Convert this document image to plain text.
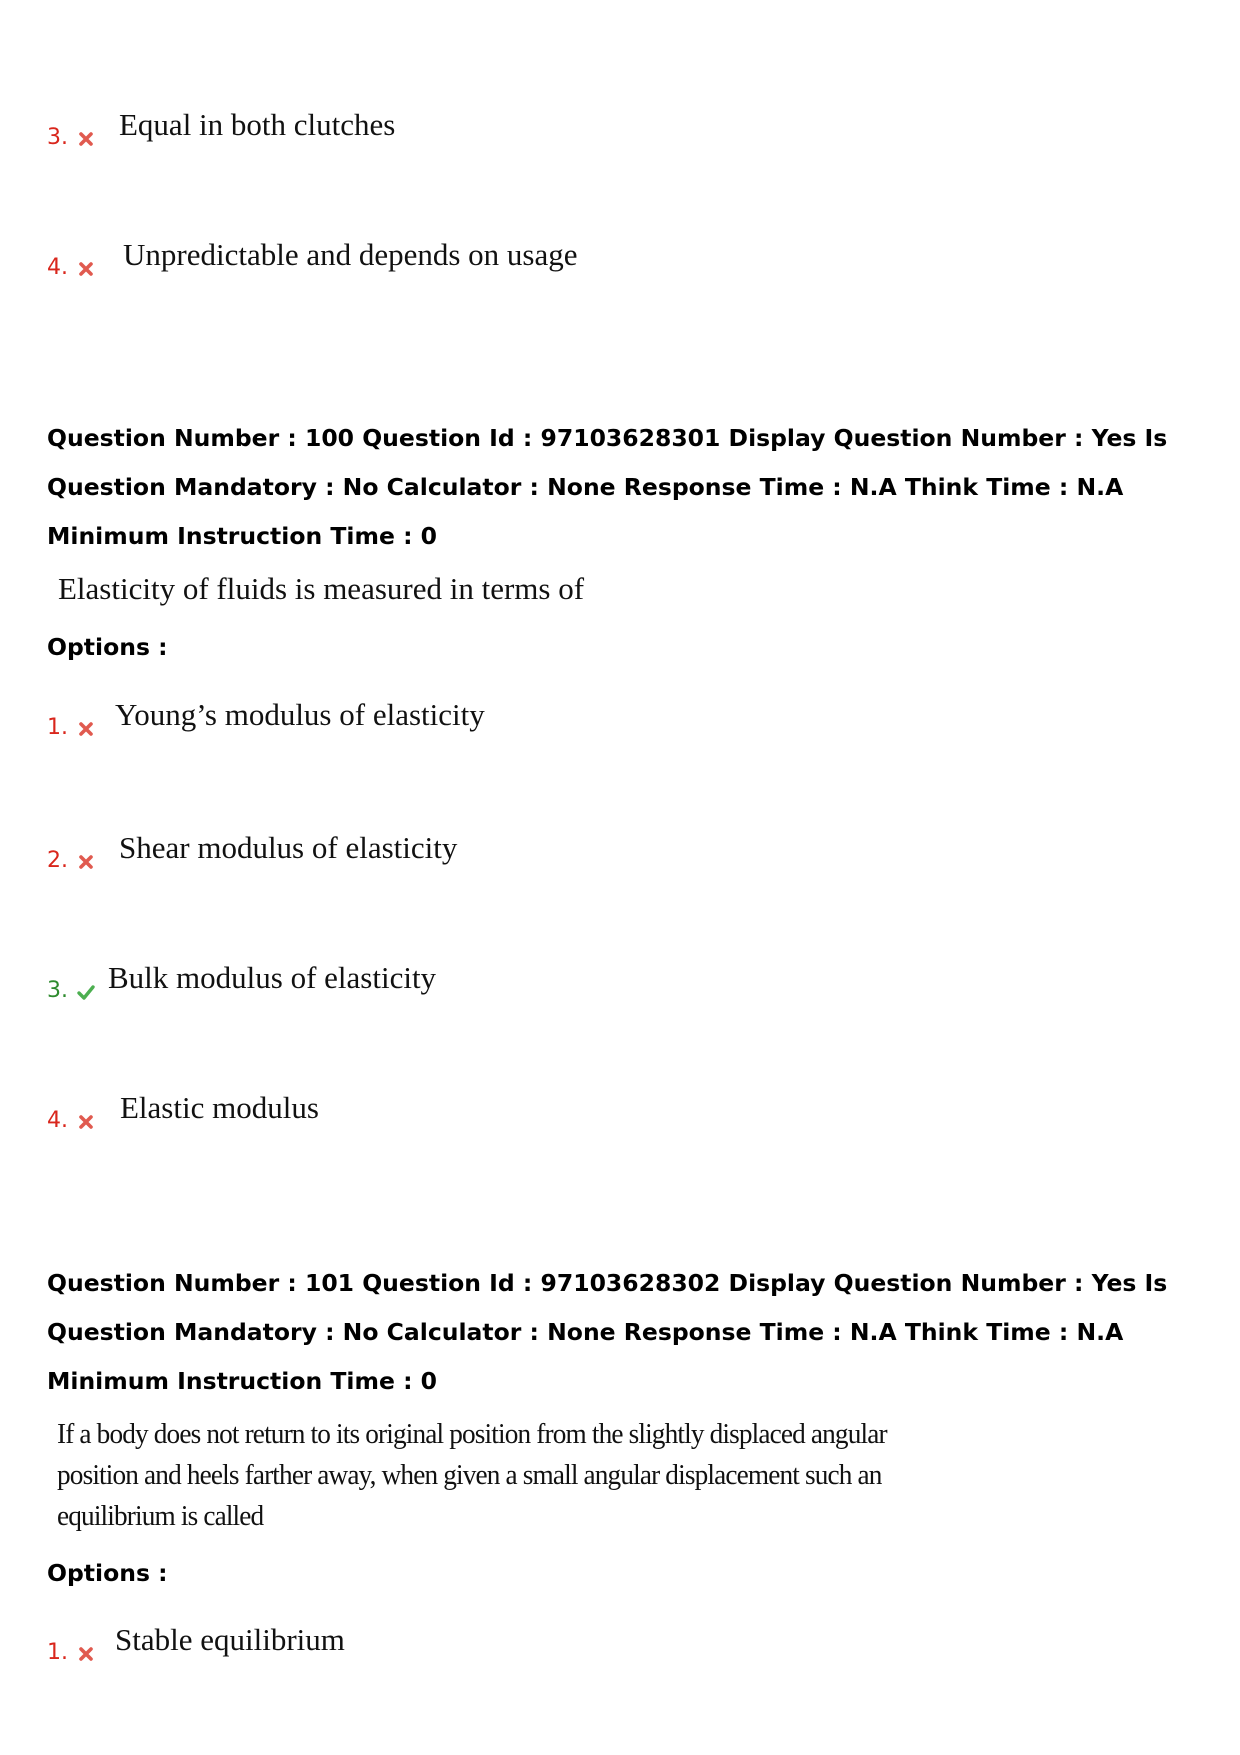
3. Equal in both clutches
4. Unpredictable and depends on usage
Question Number : 100 Question Id : 97103628301 Display Question Number : Yes Is Question Mandatory : No Calculator : None Response Time : N.A Think Time : N.A Minimum Instruction Time : 0
Elasticity of fluids is measured in terms of
Options :
1. Young’s modulus of elasticity
2. Shear modulus of elasticity
3. Bulk modulus of elasticity
4. Elastic modulus
Question Number : 101 Question Id : 97103628302 Display Question Number : Yes Is Question Mandatory : No Calculator : None Response Time : N.A Think Time : N.A Minimum Instruction Time : 0
If a body does not return to its original position from the slightly displaced angular position and heels farther away, when given a small angular displacement such an equilibrium is called
Options :
1. Stable equilibrium
